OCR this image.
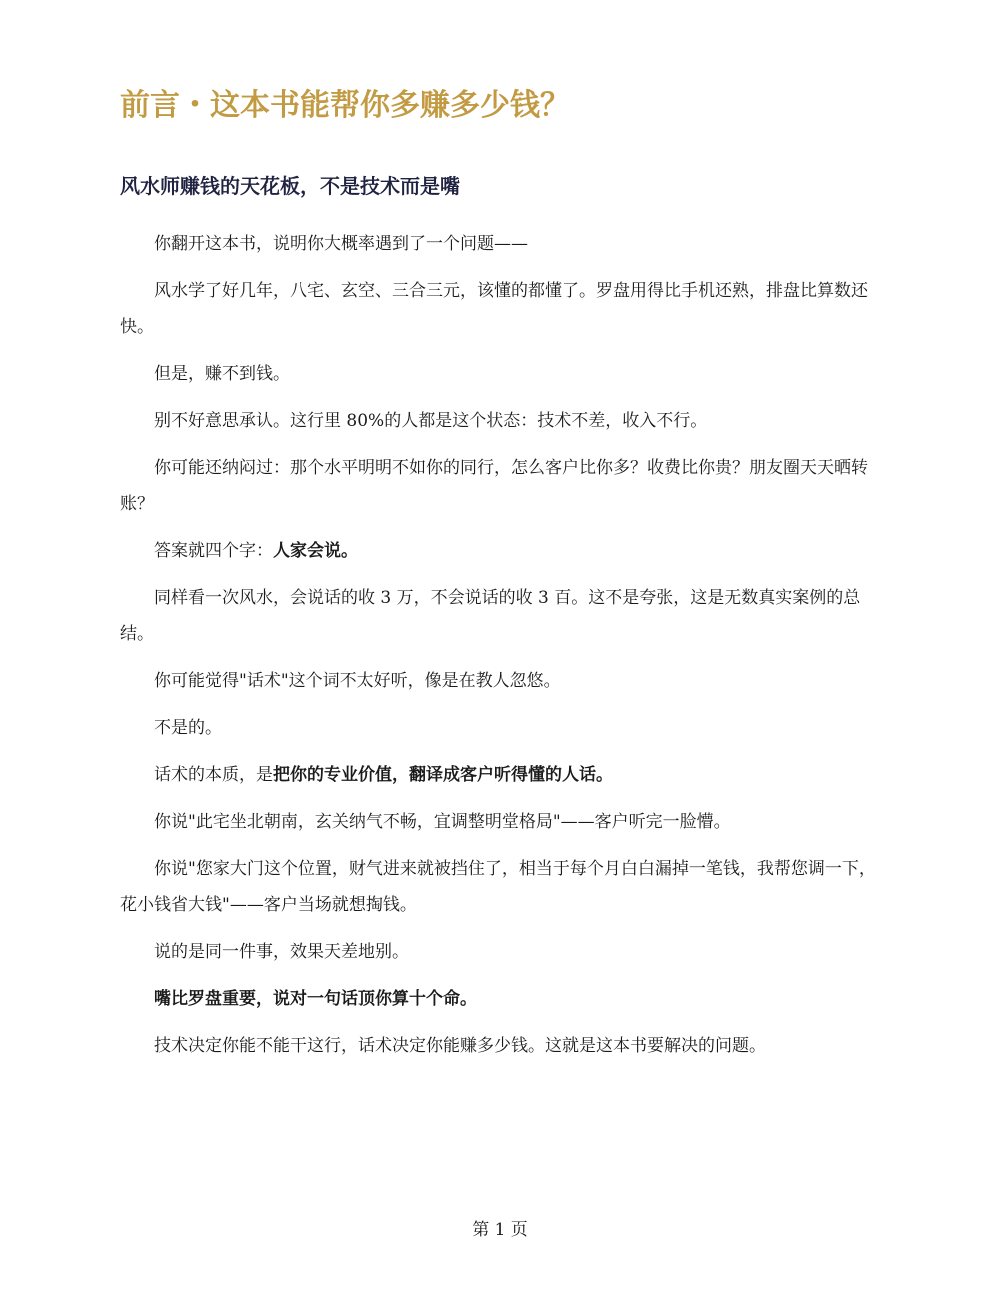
前言・这本书能帮你多赚多少钱？
风水师赚钱的天花板，不是技术而是嘴

你翻开这本书，说明你大概率遇到了一个问题——

风水学了好几年，八宅、玄空、三合三元，该懂的都懂了。罗盘用得比手机还熟，排盘比算数还快。

但是，赚不到钱。

别不好意思承认。这行里 80%的人都是这个状态：技术不差，收入不行。

你可能还纳闷过：那个水平明明不如你的同行，怎么客户比你多？收费比你贵？朋友圈天天晒转账？

答案就四个字：人家会说。

同样看一次风水，会说话的收 3 万，不会说话的收 3 百。这不是夸张，这是无数真实案例的总结。

你可能觉得"话术"这个词不太好听，像是在教人忽悠。

不是的。

话术的本质，是把你的专业价值，翻译成客户听得懂的人话。

你说"此宅坐北朝南，玄关纳气不畅，宜调整明堂格局"——客户听完一脸懵。

你说"您家大门这个位置，财气进来就被挡住了，相当于每个月白白漏掉一笔钱，我帮您调一下，花小钱省大钱"——客户当场就想掏钱。

说的是同一件事，效果天差地别。

嘴比罗盘重要，说对一句话顶你算十个命。

技术决定你能不能干这行，话术决定你能赚多少钱。这就是这本书要解决的问题。

第 1 页
